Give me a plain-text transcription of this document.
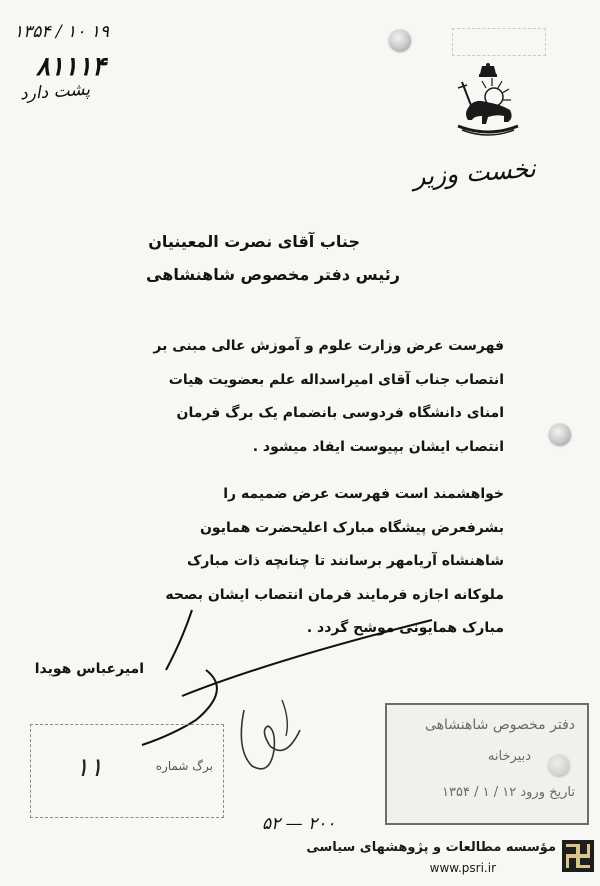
۱۳۵۴ / ۱۰ ۱۹
۸۱۱۱۴
پشت دارد
نخست وزیر
جناب آقای نصرت المعینیان
رئیس دفتر مخصوص شاهنشاهی
فهرست عرض وزارت علوم و آموزش عالی مبنی بر
انتصاب جناب آقای امیراسداله علم بعضویت هیات
امنای دانشگاه فردوسی بانضمام یک برگ فرمان
انتصاب ایشان بپیوست ایفاد میشود .
خواهشمند است فهرست عرض ضمیمه را
بشرفعرض پیشگاه مبارک اعلیحضرت همایون
شاهنشاه آریامهر برسانند تا چنانچه ذات مبارک
ملوکانه اجازه فرمایند فرمان انتصاب ایشان بصحه
مبارک همایونی موشح گردد .
امیرعباس هویدا
برگ شماره
۱۱
دفتر مخصوص شاهنشاهی
دبیرخانه
تاریخ ورود ۱۲ / ۱ / ۱۳۵۴
۵۲ — ۲۰۰
مؤسسه مطالعات و پژوهشهای سیاسی
www.psri.ir
